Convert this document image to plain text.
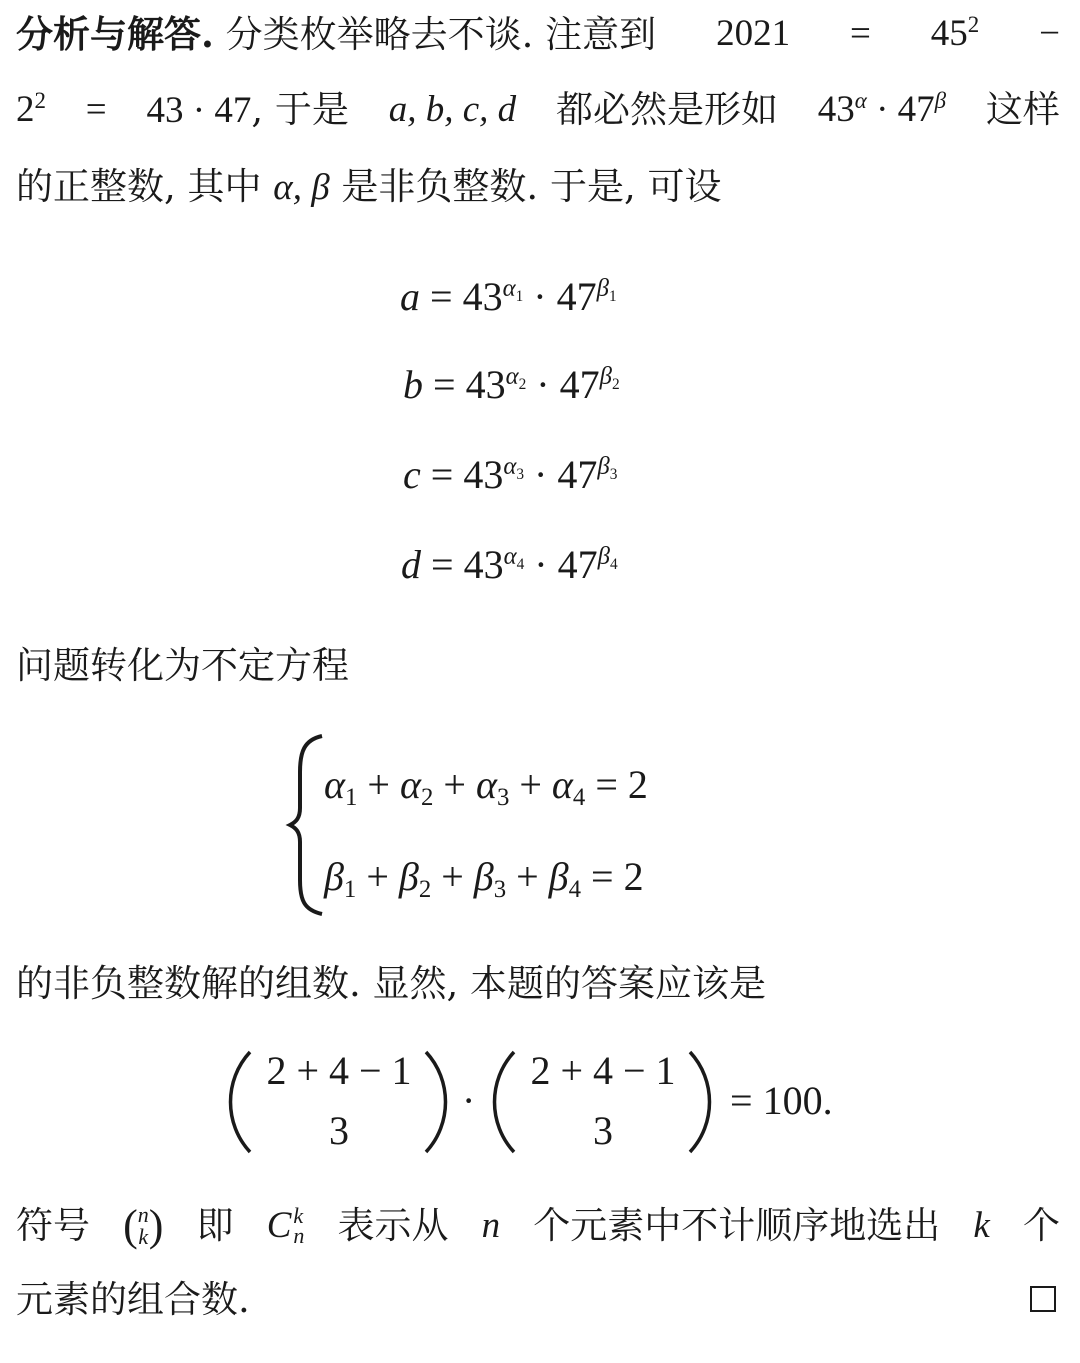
分析与解答. 分类枚举略去不谈. 注意到 $2021 = 45^2$ −
$2^2 = 43 \cdot 47$, 于是 a, b, c, d 都必然是形如 $43^\alpha \cdot 47^\beta$ 这样
的正整数, 其中 α, β 是非负整数. 于是, 可设
$a = 43^{\alpha_1} \cdot 47^{\beta_1}$
$b = 43^{\alpha_2} \cdot 47^{\beta_2}$
$c = 43^{\alpha_3} \cdot 47^{\beta_3}$
$d = 43^{\alpha_4} \cdot 47^{\beta_4}$
问题转化为不定方程
$\alpha_1 + \alpha_2 + \alpha_3 + \alpha_4 = 2$
$\beta_1 + \beta_2 + \beta_3 + \beta_4 = 2$
的非负整数解的组数. 显然, 本题的答案应该是
2 + 4 − 1
3
·
2 + 4 − 1
3
= 100.
符号 ( n
k ) 即 C k
n 表示从 n 个元素中不计顺序地选出 k 个
元素的组合数.
